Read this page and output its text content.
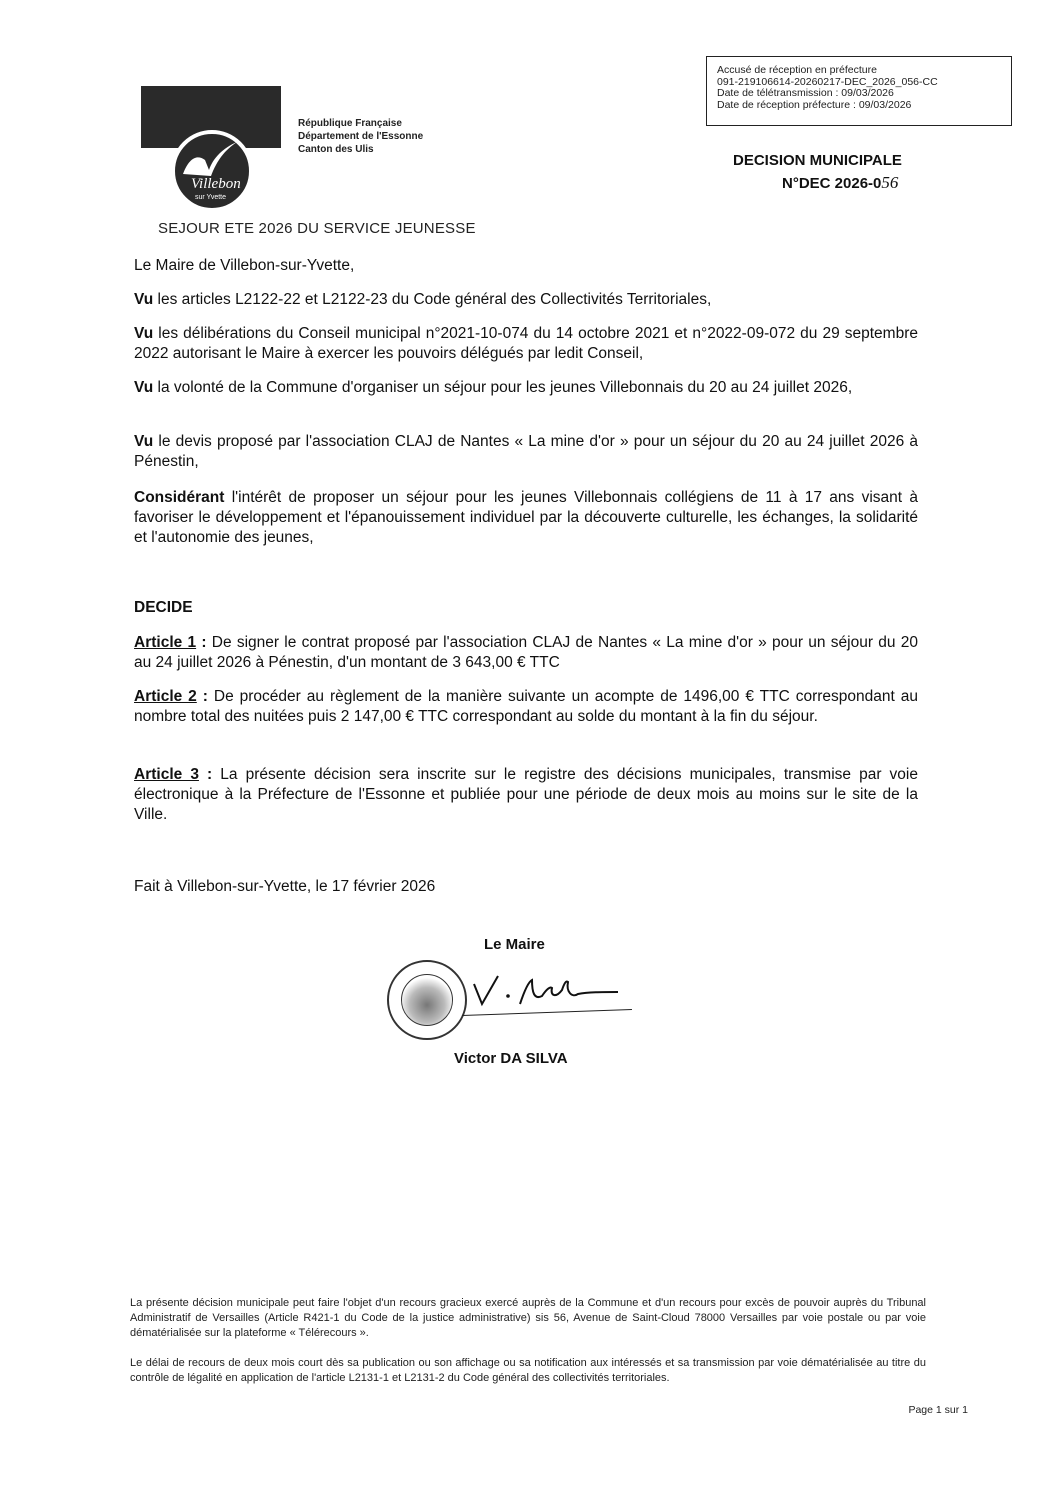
Accusé de réception en préfecture
091-219106614-20260217-DEC_2026_056-CC
Date de télétransmission : 09/03/2026
Date de réception préfecture : 09/03/2026
Villebon
sur Yvette
République Française
Département de l'Essonne
Canton des Ulis
DECISION MUNICIPALE
N°DEC 2026-056
SEJOUR ETE 2026 DU SERVICE JEUNESSE
Le Maire de Villebon-sur-Yvette,
Vu les articles L2122-22 et L2122-23 du Code général des Collectivités Territoriales,
Vu les délibérations du Conseil municipal n°2021-10-074 du 14 octobre 2021 et n°2022-09-072 du 29 septembre 2022 autorisant le Maire à exercer les pouvoirs délégués par ledit Conseil,
Vu la volonté de la Commune d'organiser un séjour pour les jeunes Villebonnais du 20 au 24 juillet 2026,
Vu le devis proposé par l'association CLAJ de Nantes « La mine d'or » pour un séjour du 20 au 24 juillet 2026 à Pénestin,
Considérant l'intérêt de proposer un séjour pour les jeunes Villebonnais collégiens de 11 à 17 ans visant à favoriser le développement et l'épanouissement individuel par la découverte culturelle, les échanges, la solidarité et l'autonomie des jeunes,
DECIDE
Article 1 : De signer le contrat proposé par l'association CLAJ de Nantes « La mine d'or » pour un séjour du 20 au 24 juillet 2026 à Pénestin, d'un montant de 3 643,00 € TTC
Article 2 : De procéder au règlement de la manière suivante un acompte de 1496,00 € TTC correspondant au nombre total des nuitées puis 2 147,00 € TTC correspondant au solde du montant à la fin du séjour.
Article 3 : La présente décision sera inscrite sur le registre des décisions municipales, transmise par voie électronique à la Préfecture de l'Essonne et publiée pour une période de deux mois au moins sur le site de la Ville.
Fait à Villebon-sur-Yvette, le 17 février 2026
Le Maire
Victor DA SILVA
La présente décision municipale peut faire l'objet d'un recours gracieux exercé auprès de la Commune et d'un recours pour excès de pouvoir auprès du Tribunal Administratif de Versailles (Article R421-1 du Code de la justice administrative) sis 56, Avenue de Saint-Cloud 78000 Versailles par voie postale ou par voie dématérialisée sur la plateforme « Télérecours ».
Le délai de recours de deux mois court dès sa publication ou son affichage ou sa notification aux intéressés et sa transmission par voie dématérialisée au titre du contrôle de légalité en application de l'article L2131-1 et L2131-2 du Code général des collectivités territoriales.
Page 1 sur 1
